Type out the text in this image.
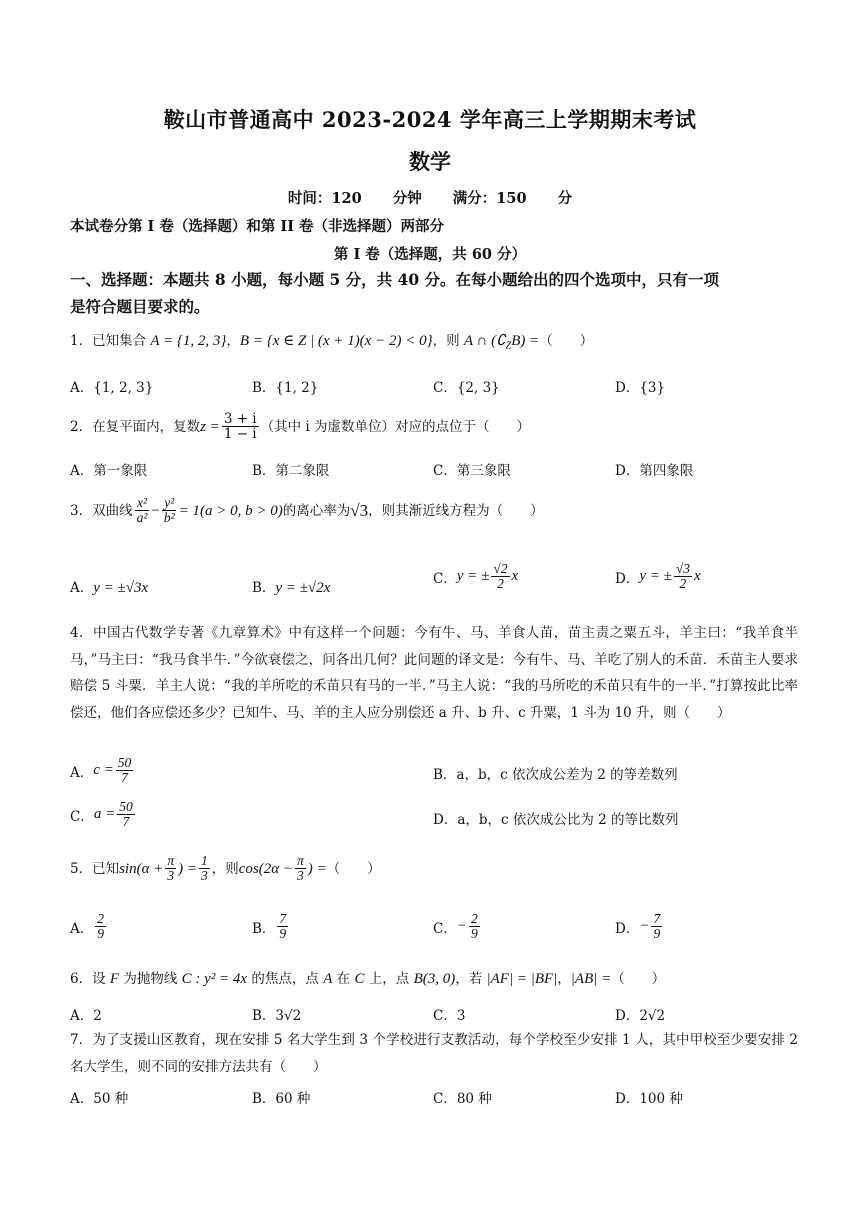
鞍山市普通高中 2023-2024 学年高三上学期期末考试
数学
时间：120 分钟 满分：150 分
本试卷分第 I 卷（选择题）和第 II 卷（非选择题）两部分
第 I 卷（选择题，共 60 分）
一、选择题：本题共 8 小题，每小题 5 分，共 40 分。在每小题给出的四个选项中，只有一项
是符合题目要求的。
1．已知集合 A = {1, 2, 3}，B = {x ∈ Z | (x + 1)(x − 2) < 0}，则 A ∩ $(∁_ZB)$ =（　　）
A．{1, 2, 3}	B．{1, 2}	C．{2, 3}	D．{3}
2．在复平面内，复数 $z = \frac{3 + i}{1 - i}$ （其中 i 为虚数单位）对应的点位于（　　）
A．第一象限	B．第二象限	C．第三象限	D．第四象限
3．双曲线 $\frac{\text{x²}}{\text{a²}} - \frac{\text{y²}}{\text{b²}} = 1(a > 0$, b > 0) 的离心率为 √3 ，则其渐近线方程为（　　）
A．y = ±√3x	B．y = ±√2x
C． y = ± $\frac{√2}{2}$ x	D． y = ± $\frac{√3}{2}$ x
4．中国古代数学专著《九章算术》中有这样一个问题：今有牛、马、羊食人苗，苗主责之粟五斗，羊主曰：“我羊食半马，”马主曰：“我马食半牛．”今欲衰偿之，问各出几何？此问题的译文是：今有牛、马、羊吃了别人的禾苗．禾苗主人要求赔偿 5 斗粟．羊主人说：“我的羊所吃的禾苗只有马的一半．”马主人说：“我的马所吃的禾苗只有牛的一半．”打算按此比率偿还，他们各应偿还多少？已知牛、马、羊的主人应分别偿还 a 升、b 升、c 升粟，1 斗为 10 升，则（　　）
A． $c = \frac{50}{7}$	B．a，b，c 依次成公差为 2 的等差数列
C． $a = \frac{50}{7}$	D．a，b，c 依次成公比为 2 的等比数列
5．已知 $\sin(\alpha + \frac{\pi}{3}$ ) = $\frac{1}{3}$ ，则 $\cos(2\alpha - \frac{\pi}{3}$ ) = （　　）
A． $\frac{2}{9}$	B． $\frac{7}{9}$	C． − $\frac{2}{9}$	D． − $\frac{7}{9}$
6．设 F 为抛物线 C : y² = 4x 的焦点，点 A 在 C 上，点 B(3, 0)，若 |AF| = |BF|，|AB| =（　　）
A．2	B．3√2	C．3	D．2√2
7．为了支援山区教育，现在安排 5 名大学生到 3 个学校进行支教活动，每个学校至少安排 1 人，其中甲校至少要安排 2 名大学生，则不同的安排方法共有（　　）
A．50 种	B．60 种	C．80 种	D．100 种
